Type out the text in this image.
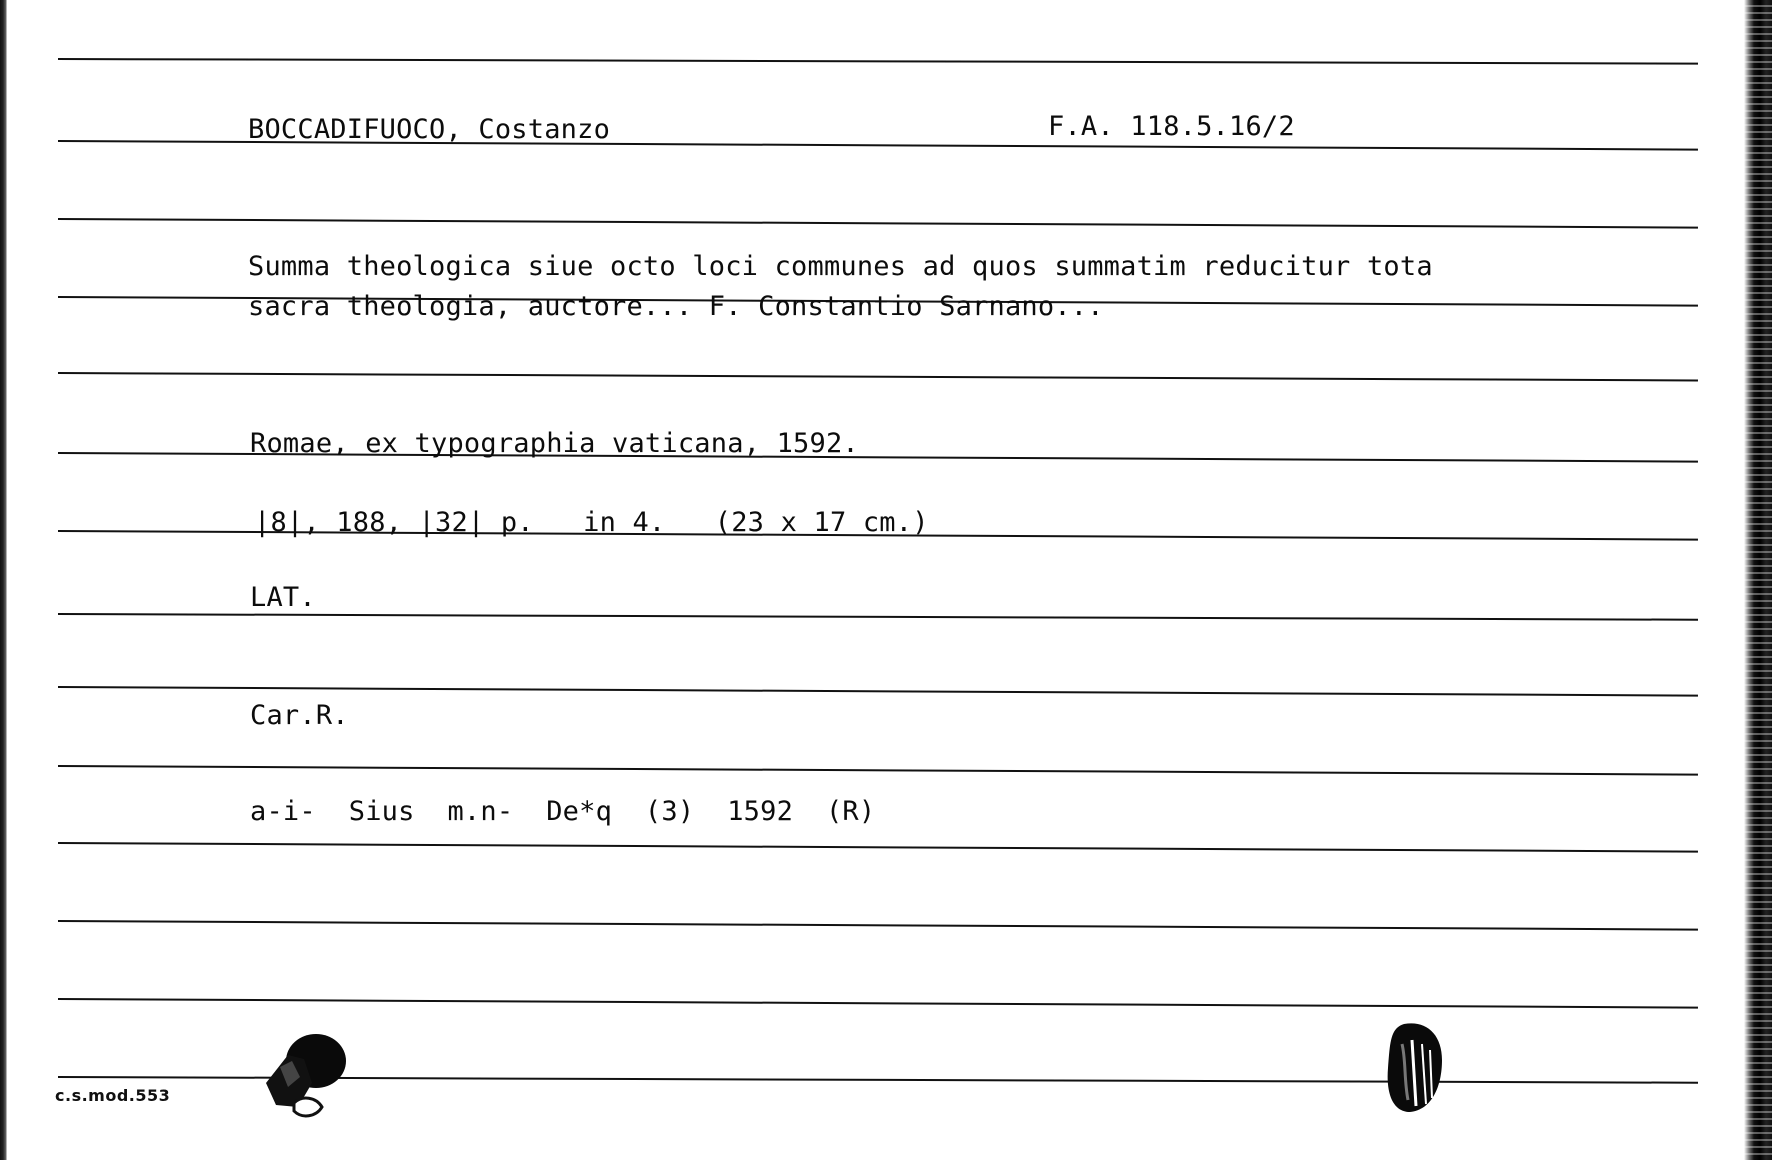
BOCCADIFUOCO, Costanzo	F.A. 118.5.16/2
Summa theologica siue octo loci communes ad quos summatim reducitur tota
sacra theologia, auctore... F. Constantio Sarnano...
Romae, ex typographia vaticana, 1592.
|8|, 188, |32| p.   in 4.   (23 x 17 cm.)
LAT.
Car.R.
a-i-  Sius  m.n-  De*q  (3)  1592  (R)
c.s.mod.553
